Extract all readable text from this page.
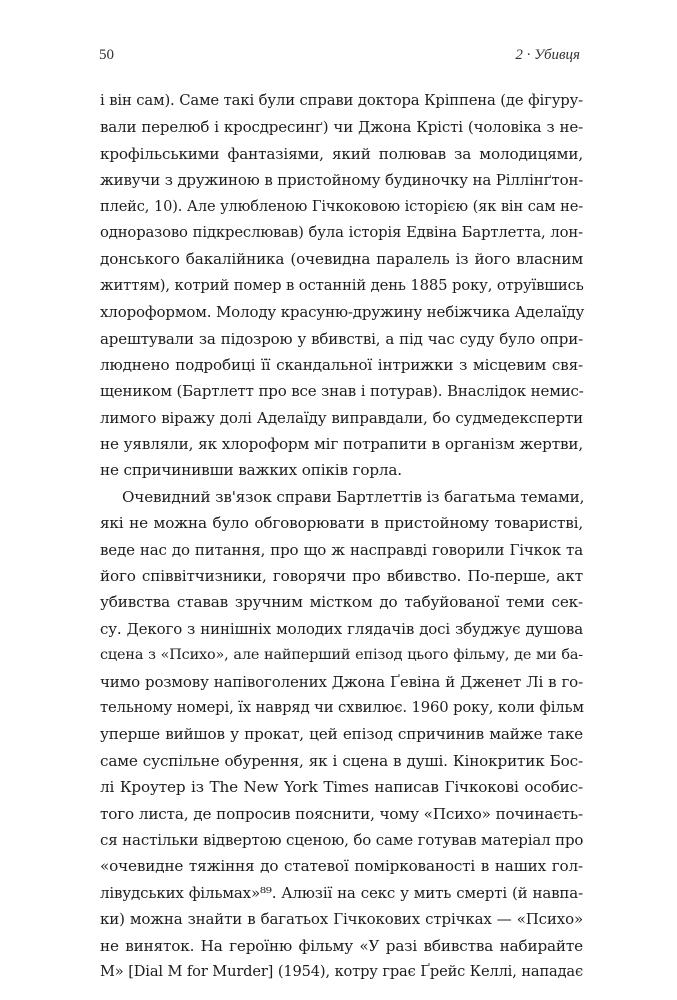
50	2 · Убивця
і він сам). Саме такі були справи доктора Кріппена (де фігуру-
вали перелюб і кросдресинґ) чи Джона Крісті (чоловіка з не-
крофільськими фантазіями, який полював за молодицями,
живучи з дружиною в пристойному будиночку на Ріллінґтон-
плейс, 10). Але улюбленою Гічкоковою історією (як він сам не-
одноразово підкреслював) була історія Едвіна Бартлетта, лон-
донського бакалійника (очевидна паралель із його власним
життям), котрий помер в останній день 1885 року, отруївшись
хлороформом. Молоду красуню-дружину небіжчика Аделаїду
арештували за підозрою у вбивстві, а під час суду було опри-
люднено подробиці її скандальної інтрижки з місцевим свя-
щеником (Бартлетт про все знав і потурав). Внаслідок немис-
лимого віражу долі Аделаїду виправдали, бо судмедексперти
не уявляли, як хлороформ міг потрапити в організм жертви,
не спричинивши важких опіків горла.
Очевидний зв'язок справи Бартлеттів із багатьма темами,
які не можна було обговорювати в пристойному товаристві,
веде нас до питання, про що ж насправді говорили Гічкок та
його співвітчизники, говорячи про вбивство. По-перше, акт
убивства ставав зручним містком до табуйованої теми сек-
су. Декого з нинішніх молодих глядачів досі збуджує душова
сцена з «Психо», але найперший епізод цього фільму, де ми ба-
чимо розмову напівоголених Джона Ґевіна й Дженет Лі в го-
тельному номері, їх навряд чи схвилює. 1960 року, коли фільм
уперше вийшов у прокат, цей епізод спричинив майже таке
саме суспільне обурення, як і сцена в душі. Кінокритик Бос-
лі Кроутер із The New York Times написав Гічкокові особис-
того листа, де попросив пояснити, чому «Психо» починаєть-
ся настільки відвертою сценою, бо саме готував матеріал про
«очевидне тяжіння до статевої поміркованості в наших гол-
лівудських фільмах»⁸⁹. Алюзії на секс у мить смерті (й навпа-
ки) можна знайти в багатьох Гічкокових стрічках — «Психо»
не виняток. На героїню фільму «У разі вбивства набирайте
M» [Dial M for Murder] (1954), котру грає Ґрейс Келлі, нападає
